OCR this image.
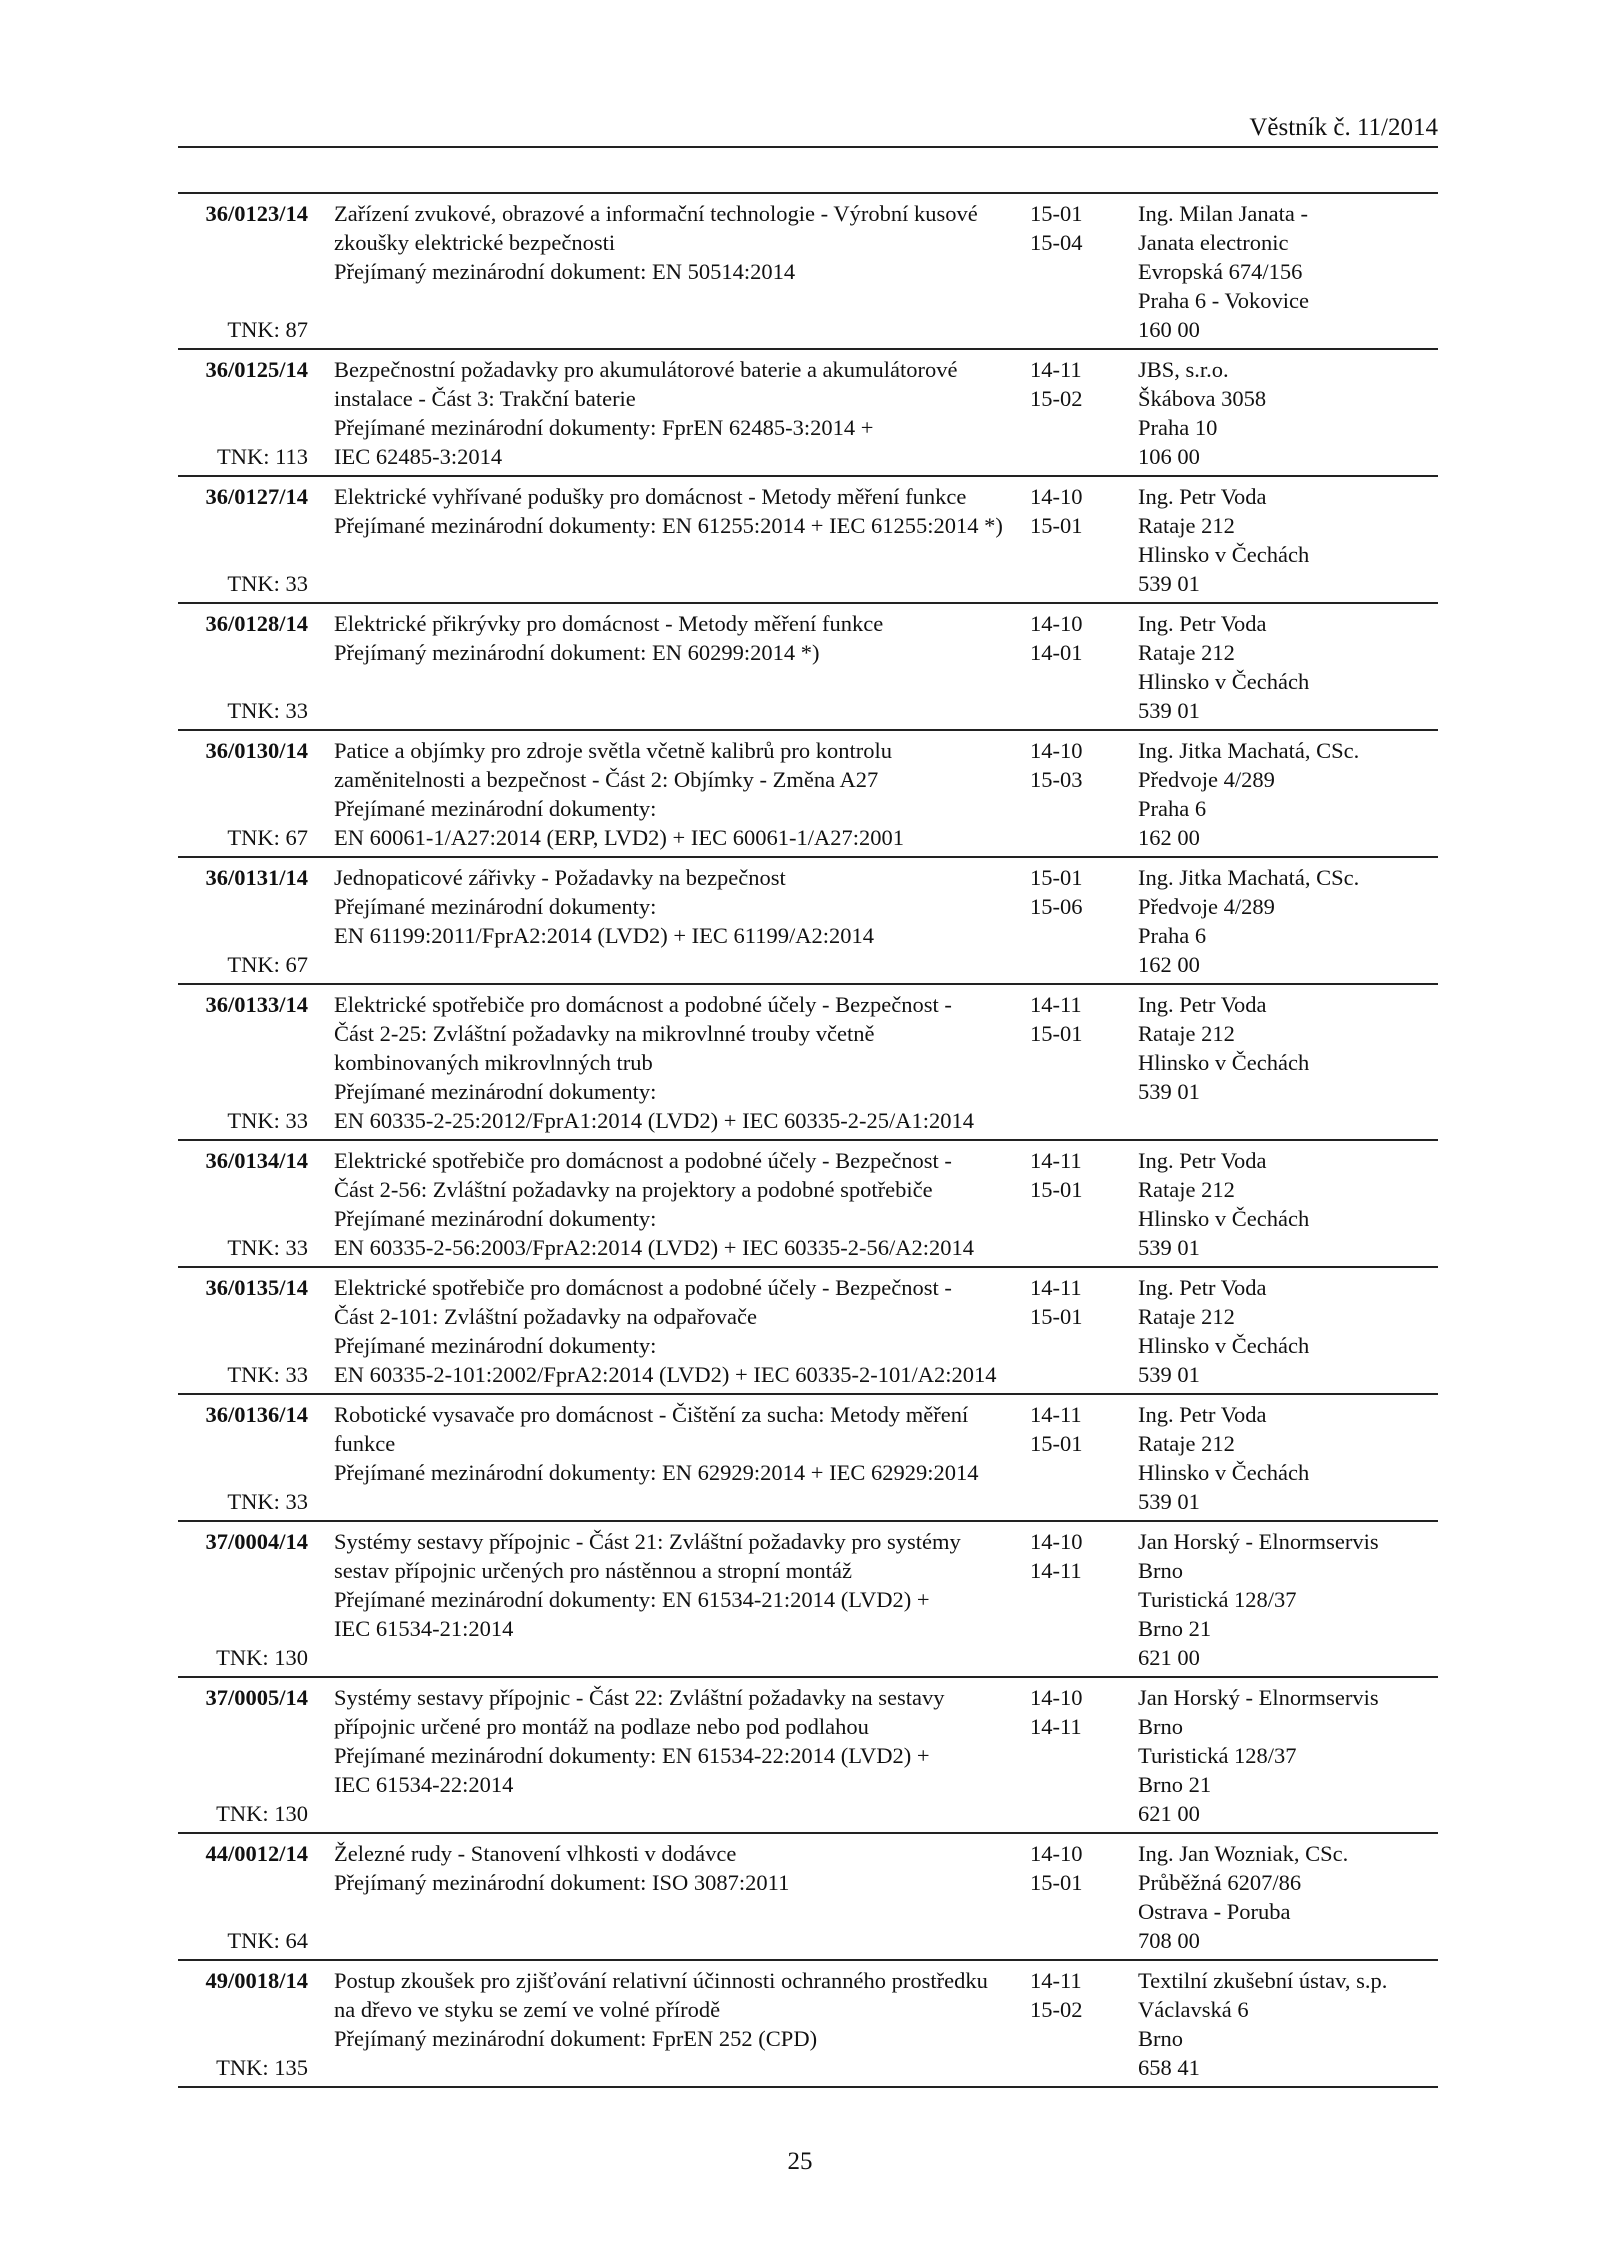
Věstník č. 11/2014
36/0123/14
TNK: 87
Zařízení zvukové, obrazové a informační technologie - Výrobní kusové
zkoušky elektrické bezpečnosti
Přejímaný mezinárodní dokument: EN 50514:2014
15-01
15-04
Ing. Milan Janata -
Janata electronic
Evropská 674/156
Praha 6 - Vokovice
160 00
36/0125/14
TNK: 113
Bezpečnostní požadavky pro akumulátorové baterie a akumulátorové
instalace - Část 3: Trakční baterie
Přejímané mezinárodní dokumenty: FprEN 62485-3:2014 +
IEC 62485-3:2014
14-11
15-02
JBS, s.r.o.
Škábova 3058
Praha 10
106 00
36/0127/14
TNK: 33
Elektrické vyhřívané podušky pro domácnost - Metody měření funkce
Přejímané mezinárodní dokumenty: EN 61255:2014 + IEC 61255:2014 *)
14-10
15-01
Ing. Petr Voda
Rataje 212
Hlinsko v Čechách
539 01
36/0128/14
TNK: 33
Elektrické přikrývky pro domácnost - Metody měření funkce
Přejímaný mezinárodní dokument: EN 60299:2014 *)
14-10
14-01
Ing. Petr Voda
Rataje 212
Hlinsko v Čechách
539 01
36/0130/14
TNK: 67
Patice a objímky pro zdroje světla včetně kalibrů pro kontrolu
zaměnitelnosti a bezpečnost - Část 2: Objímky - Změna A27
Přejímané mezinárodní dokumenty:
EN 60061-1/A27:2014 (ERP, LVD2) + IEC 60061-1/A27:2001
14-10
15-03
Ing. Jitka Machatá, CSc.
Předvoje 4/289
Praha 6
162 00
36/0131/14
TNK: 67
Jednopaticové zářivky - Požadavky na bezpečnost
Přejímané mezinárodní dokumenty:
EN 61199:2011/FprA2:2014 (LVD2) + IEC 61199/A2:2014
15-01
15-06
Ing. Jitka Machatá, CSc.
Předvoje 4/289
Praha 6
162 00
36/0133/14
TNK: 33
Elektrické spotřebiče pro domácnost a podobné účely - Bezpečnost -
Část 2-25: Zvláštní požadavky na mikrovlnné trouby včetně
kombinovaných mikrovlnných trub
Přejímané mezinárodní dokumenty:
EN 60335-2-25:2012/FprA1:2014 (LVD2) + IEC 60335-2-25/A1:2014
14-11
15-01
Ing. Petr Voda
Rataje 212
Hlinsko v Čechách
539 01
36/0134/14
TNK: 33
Elektrické spotřebiče pro domácnost a podobné účely - Bezpečnost -
Část 2-56: Zvláštní požadavky na projektory a podobné spotřebiče
Přejímané mezinárodní dokumenty:
EN 60335-2-56:2003/FprA2:2014 (LVD2) + IEC 60335-2-56/A2:2014
14-11
15-01
Ing. Petr Voda
Rataje 212
Hlinsko v Čechách
539 01
36/0135/14
TNK: 33
Elektrické spotřebiče pro domácnost a podobné účely - Bezpečnost -
Část 2-101: Zvláštní požadavky na odpařovače
Přejímané mezinárodní dokumenty:
EN 60335-2-101:2002/FprA2:2014 (LVD2) + IEC 60335-2-101/A2:2014
14-11
15-01
Ing. Petr Voda
Rataje 212
Hlinsko v Čechách
539 01
36/0136/14
TNK: 33
Robotické vysavače pro domácnost - Čištění za sucha: Metody měření
funkce
Přejímané mezinárodní dokumenty: EN 62929:2014 + IEC 62929:2014
14-11
15-01
Ing. Petr Voda
Rataje 212
Hlinsko v Čechách
539 01
37/0004/14
TNK: 130
Systémy sestavy přípojnic - Část 21: Zvláštní požadavky pro systémy
sestav přípojnic určených pro nástěnnou a stropní montáž
Přejímané mezinárodní dokumenty: EN 61534-21:2014 (LVD2) +
IEC 61534-21:2014
14-10
14-11
Jan Horský - Elnormservis
Brno
Turistická 128/37
Brno 21
621 00
37/0005/14
TNK: 130
Systémy sestavy přípojnic - Část 22: Zvláštní požadavky na sestavy
přípojnic určené pro montáž na podlaze nebo pod podlahou
Přejímané mezinárodní dokumenty: EN 61534-22:2014 (LVD2) +
IEC 61534-22:2014
14-10
14-11
Jan Horský - Elnormservis
Brno
Turistická 128/37
Brno 21
621 00
44/0012/14
TNK: 64
Železné rudy - Stanovení vlhkosti v dodávce
Přejímaný mezinárodní dokument: ISO 3087:2011
14-10
15-01
Ing. Jan Wozniak, CSc.
Průběžná 6207/86
Ostrava - Poruba
708 00
49/0018/14
TNK: 135
Postup zkoušek pro zjišťování relativní účinnosti ochranného prostředku
na dřevo ve styku se zemí ve volné přírodě
Přejímaný mezinárodní dokument: FprEN 252 (CPD)
14-11
15-02
Textilní zkušební ústav, s.p.
Václavská 6
Brno
658 41
25
